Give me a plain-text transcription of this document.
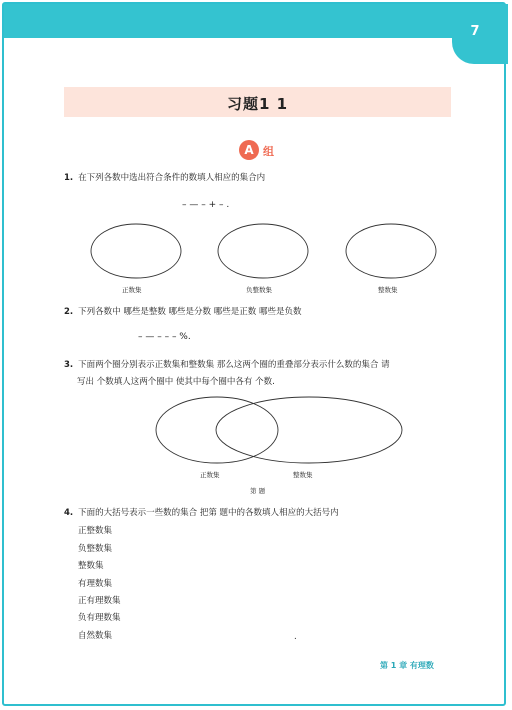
7
习题1 1
A 组
1. 在下列各数中选出符合条件的数填人相应的集合内
– — – + – .
正数集	负整数集	整数集
2. 下列各数中 哪些是整数 哪些是分数 哪些是正数 哪些是负数
– — – – – %.
3. 下面两个圈分别表示正数集和整数集 那么这两个圈的重叠部分表示什么数的集合 请
写出 个数填人这两个圈中 使其中每个圈中各有 个数.
正数集	整数集
第 题
4. 下面的大括号表示一些数的集合 把第 题中的各数填人相应的大括号内
正整数集
负整数集
整数集
有理数集
正有理数集
负有理数集
自然数集	.
第 1 章 有理数
